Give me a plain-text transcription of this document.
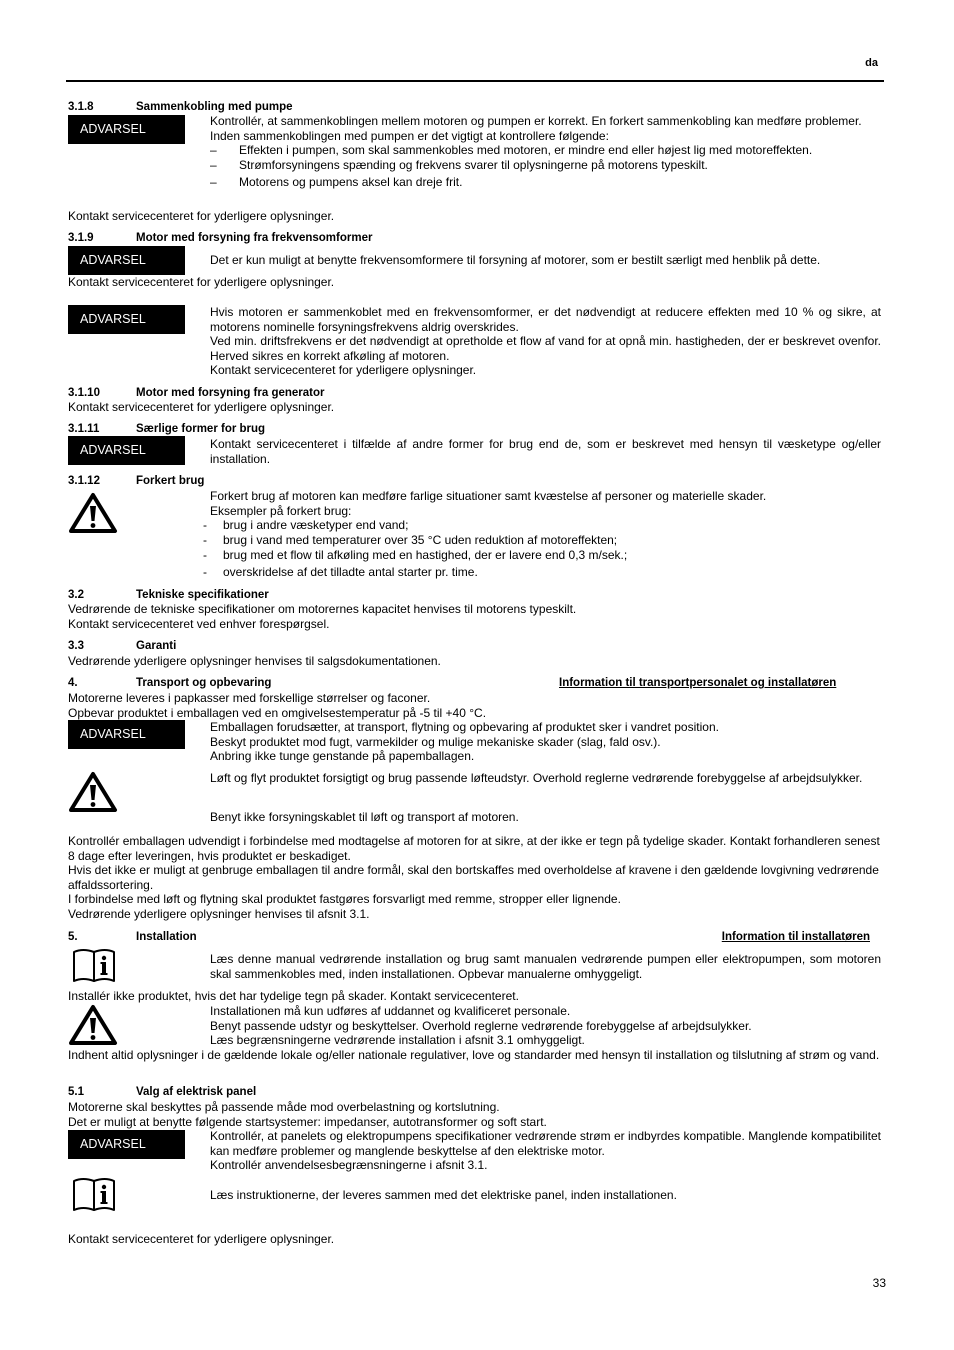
da
3.1.8	Sammenkobling med pumpe
ADVARSEL
Kontrollér, at sammenkoblingen mellem motoren og pumpen er korrekt. En forkert sammenkobling kan medføre problemer.
Inden sammenkoblingen med pumpen er det vigtigt at kontrollere følgende:
– Effekten i pumpen, som skal sammenkobles med motoren, er mindre end eller højest lig med motoreffekten.
– Strømforsyningens spænding og frekvens svarer til oplysningerne på motorens typeskilt.
– Motorens og pumpens aksel kan dreje frit.
Kontakt servicecenteret for yderligere oplysninger.
3.1.9	Motor med forsyning fra frekvensomformer
ADVARSEL	Det er kun muligt at benytte frekvensomformere til forsyning af motorer, som er bestilt særligt med henblik på dette.
Kontakt servicecenteret for yderligere oplysninger.
ADVARSEL	Hvis motoren er sammenkoblet med en frekvensomformer, er det nødvendigt at reducere effekten med 10 % og sikre, at motorens nominelle forsyningsfrekvens aldrig overskrides.
Ved min. driftsfrekvens er det nødvendigt at opretholde et flow af vand for at opnå min. hastigheden, der er beskrevet ovenfor. Herved sikres en korrekt afkøling af motoren.
Kontakt servicecenteret for yderligere oplysninger.
3.1.10	Motor med forsyning fra generator
Kontakt servicecenteret for yderligere oplysninger.
3.1.11	Særlige former for brug
ADVARSEL	Kontakt servicecenteret i tilfælde af andre former for brug end de, som er beskrevet med hensyn til væsketype og/eller installation.
3.1.12	Forkert brug
Forkert brug af motoren kan medføre farlige situationer samt kvæstelse af personer og materielle skader.
Eksempler på forkert brug:
- brug i andre væsketyper end vand;
- brug i vand med temperaturer over 35 °C uden reduktion af motoreffekten;
- brug med et flow til afkøling med en hastighed, der er lavere end 0,3 m/sek.;
- overskridelse af det tilladte antal starter pr. time.
3.2	Tekniske specifikationer
Vedrørende de tekniske specifikationer om motorernes kapacitet henvises til motorens typeskilt.
Kontakt servicecenteret ved enhver forespørgsel.
3.3	Garanti
Vedrørende yderligere oplysninger henvises til salgsdokumentationen.
4.	Transport og opbevaring	Information til transportpersonalet og installatøren
Motorerne leveres i papkasser med forskellige størrelser og faconer.
Opbevar produktet i emballagen ved en omgivelsestemperatur på -5 til +40 °C.
ADVARSEL	Emballagen forudsætter, at transport, flytning og opbevaring af produktet sker i vandret position.
Beskyt produktet mod fugt, varmekilder og mulige mekaniske skader (slag, fald osv.).
Anbring ikke tunge genstande på papemballagen.
Løft og flyt produktet forsigtigt og brug passende løfteudstyr. Overhold reglerne vedrørende forebyggelse af arbejdsulykker.
Benyt ikke forsyningskablet til løft og transport af motoren.
Kontrollér emballagen udvendigt i forbindelse med modtagelse af motoren for at sikre, at der ikke er tegn på tydelige skader. Kontakt forhandleren senest 8 dage efter leveringen, hvis produktet er beskadiget.
Hvis det ikke er muligt at genbruge emballagen til andre formål, skal den bortskaffes med overholdelse af kravene i den gældende lovgivning vedrørende affaldssortering.
I forbindelse med løft og flytning skal produktet fastgøres forsvarligt med remme, stropper eller lignende.
Vedrørende yderligere oplysninger henvises til afsnit 3.1.
5.	Installation	Information til installatøren
Læs denne manual vedrørende installation og brug samt manualen vedrørende pumpen eller elektropumpen, som motoren skal sammenkobles med, inden installationen. Opbevar manualerne omhyggeligt.
Installér ikke produktet, hvis det har tydelige tegn på skader. Kontakt servicecenteret.
Installationen må kun udføres af uddannet og kvalificeret personale.
Benyt passende udstyr og beskyttelser. Overhold reglerne vedrørende forebyggelse af arbejdsulykker.
Læs begrænsningerne vedrørende installation i afsnit 3.1 omhyggeligt.
Indhent altid oplysninger i de gældende lokale og/eller nationale regulativer, love og standarder med hensyn til installation og tilslutning af strøm og vand.
5.1	Valg af elektrisk panel
Motorerne skal beskyttes på passende måde mod overbelastning og kortslutning.
Det er muligt at benytte følgende startsystemer: impedanser, autotransformer og soft start.
ADVARSEL
Kontrollér, at panelets og elektropumpens specifikationer vedrørende strøm er indbyrdes kompatible. Manglende kompatibilitet kan medføre problemer og manglende beskyttelse af den elektriske motor.
Kontrollér anvendelsesbegrænsningerne i afsnit 3.1.
Læs instruktionerne, der leveres sammen med det elektriske panel, inden installationen.
Kontakt servicecenteret for yderligere oplysninger.
33
